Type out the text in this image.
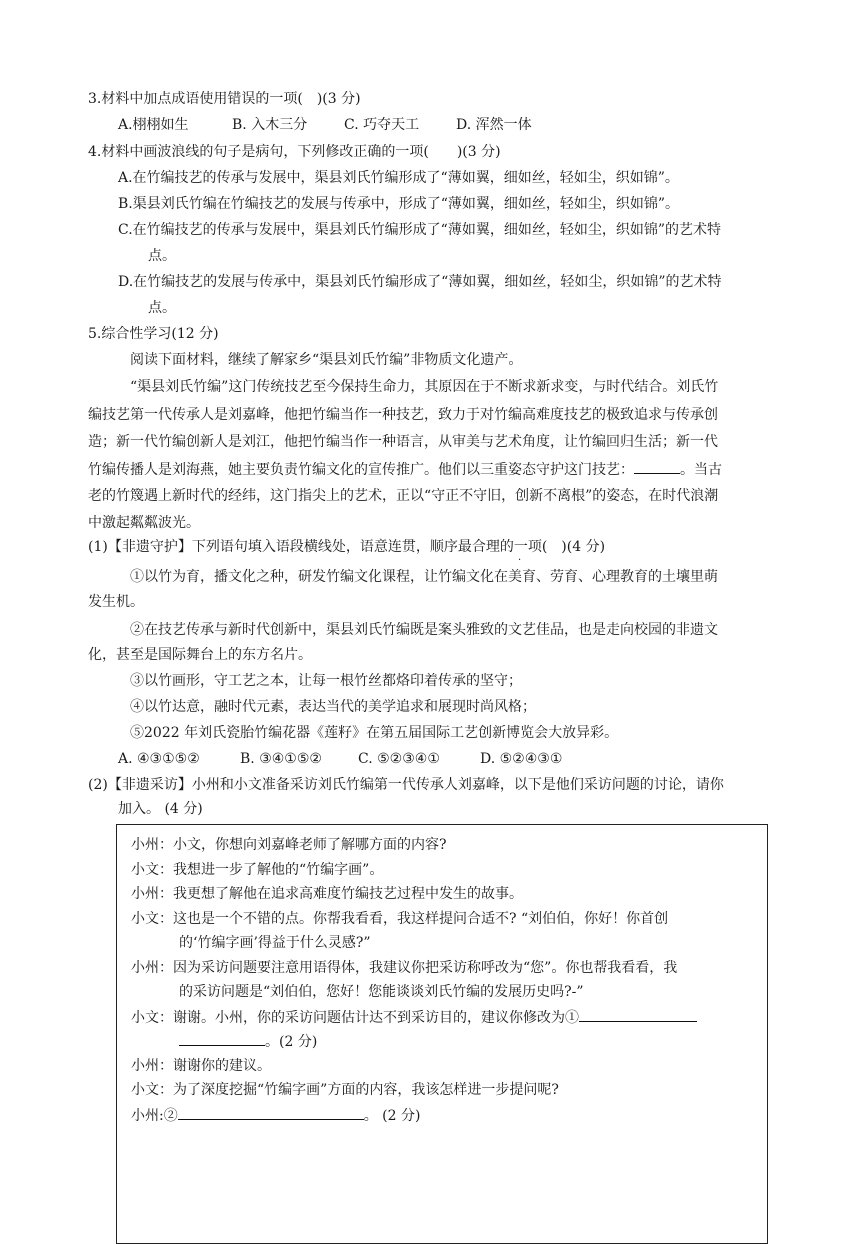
3.材料中加点成语使用错误的一项(　)(3 分)
A.栩栩如生	B. 入木三分	C. 巧夺天工	D. 浑然一体
4.材料中画波浪线的句子是病句，下列修改正确的一项(　　)(3 分)
A.在竹编技艺的传承与发展中，渠县刘氏竹编形成了“薄如翼，细如丝，轻如尘，织如锦”。
B.渠县刘氏竹编在竹编技艺的发展与传承中，形成了“薄如翼，细如丝，轻如尘，织如锦”。
C.在竹编技艺的传承与发展中，渠县刘氏竹编形成了“薄如翼，细如丝，轻如尘，织如锦”的艺术特
点。
D.在竹编技艺的发展与传承中，渠县刘氏竹编形成了“薄如翼，细如丝，轻如尘，织如锦”的艺术特
点。
5.综合性学习(12 分)
阅读下面材料，继续了解家乡“渠县刘氏竹编”非物质文化遗产。
“渠县刘氏竹编”这门传统技艺至今保持生命力，其原因在于不断求新求变，与时代结合。刘氏竹
编技艺第一代传承人是刘嘉峰，他把竹编当作一种技艺，致力于对竹编高难度技艺的极致追求与传承创
造；新一代竹编创新人是刘江，他把竹编当作一种语言，从审美与艺术角度，让竹编回归生活；新一代
竹编传播人是刘海燕，她主要负责竹编文化的宣传推广。他们以三重姿态守护这门技艺：	。当古
老的竹篾遇上新时代的经纬，这门指尖上的艺术，正以“守正不守旧，创新不离根”的姿态，在时代浪潮
中激起粼粼波光。
(1)【非遗守护】下列语句填入语段横线处，语意连贯，顺序最合理的一项(　)(4 分)
·
①以竹为育，播文化之种，研发竹编文化课程，让竹编文化在美育、劳育、心理教育的土壤里萌
发生机。
②在技艺传承与新时代创新中，渠县刘氏竹编既是案头雅致的文艺佳品，也是走向校园的非遗文
化，甚至是国际舞台上的东方名片。
③以竹画形，守工艺之本，让每一根竹丝都烙印着传承的坚守；
④以竹达意，融时代元素，表达当代的美学追求和展现时尚风格；
⑤2022 年刘氏瓷胎竹编花器《莲籽》在第五届国际工艺创新博览会大放异彩。
A. ④③①⑤②	B. ③④①⑤②	C. ⑤②③④①	D. ⑤②④③①
(2)【非遗采访】小州和小文准备采访刘氏竹编第一代传承人刘嘉峰，以下是他们采访问题的讨论，请你
加入。 (4 分)
小州：小文，你想向刘嘉峰老师了解哪方面的内容?
小文：我想进一步了解他的“竹编字画”。
小州：我更想了解他在追求高难度竹编技艺过程中发生的故事。
小文：这也是一个不错的点。你帮我看看，我这样提问合适不? “刘伯伯，你好！你首创
的‘竹编字画’得益于什么灵感?”
小州：因为采访问题要注意用语得体，我建议你把采访称呼改为“您”。你也帮我看看，我
的采访问题是“刘伯伯，您好！您能谈谈刘氏竹编的发展历史吗?-”
小文：谢谢。小州，你的采访问题估计达不到采访目的，建议你修改为①
。(2 分)
小州：谢谢你的建议。
小文：为了深度挖掘“竹编字画”方面的内容，我该怎样进一步提问呢?
小州:②	。 (2 分)
